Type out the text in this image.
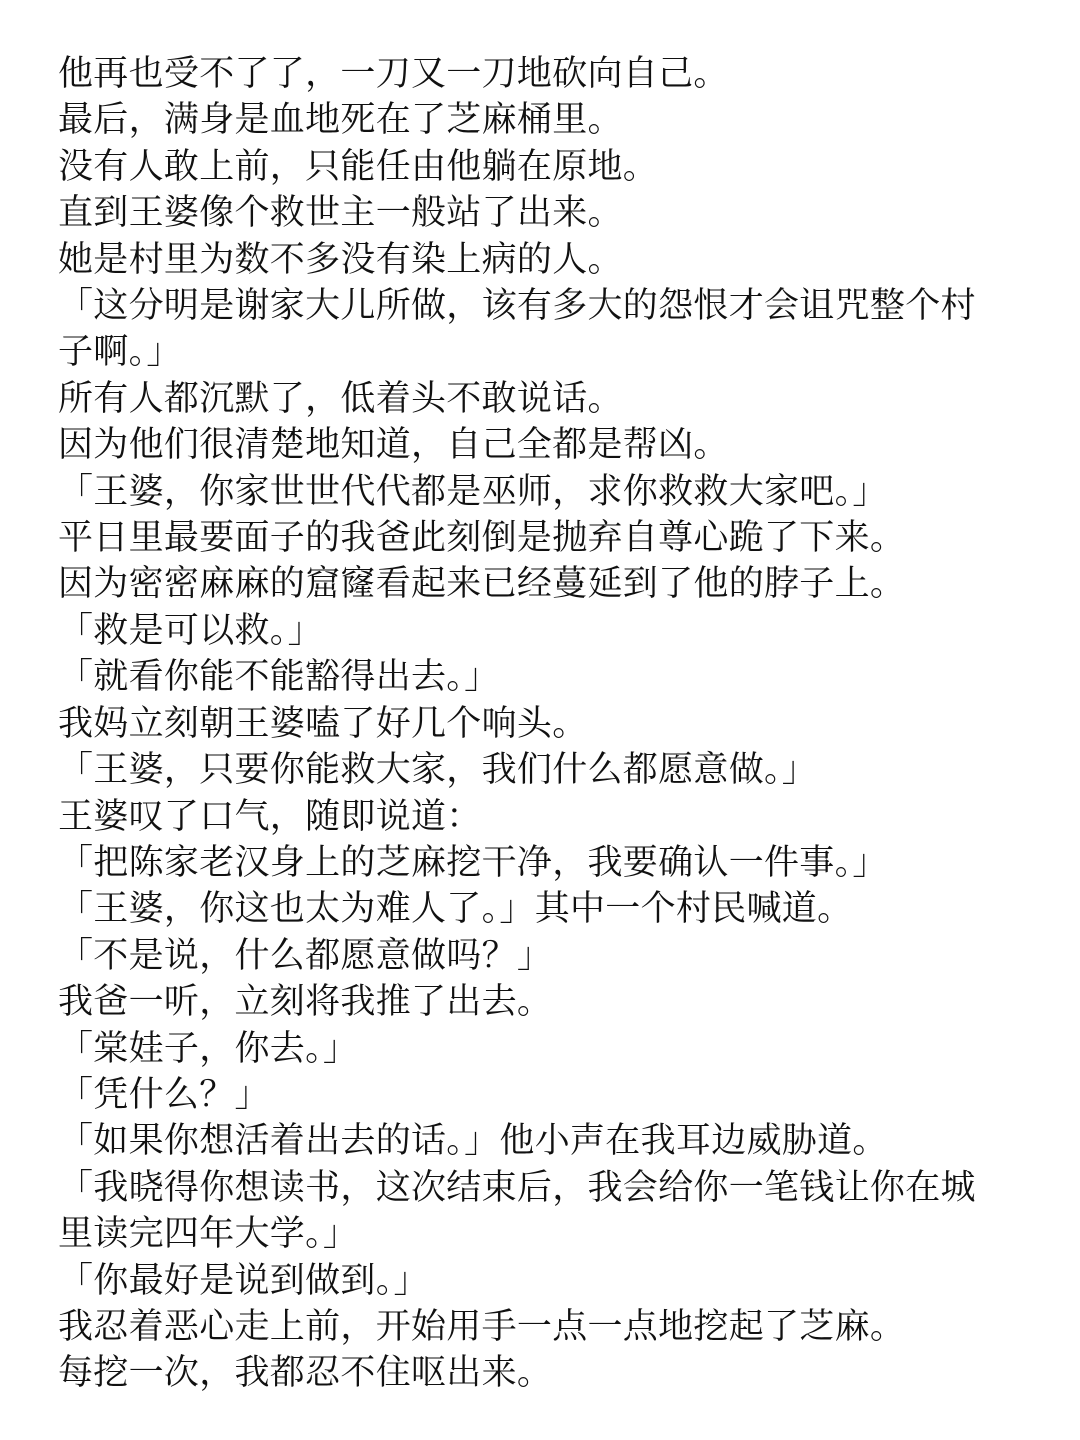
他再也受不了了，一刀又一刀地砍向自己。
最后，满身是血地死在了芝麻桶里。
没有人敢上前，只能任由他躺在原地。
直到王婆像个救世主一般站了出来。
她是村里为数不多没有染上病的人。
「这分明是谢家大儿所做，该有多大的怨恨才会诅咒整个村
子啊。」
所有人都沉默了，低着头不敢说话。
因为他们很清楚地知道，自己全都是帮凶。
「王婆，你家世世代代都是巫师，求你救救大家吧。」
平日里最要面子的我爸此刻倒是抛弃自尊心跪了下来。
因为密密麻麻的窟窿看起来已经蔓延到了他的脖子上。
「救是可以救。」
「就看你能不能豁得出去。」
我妈立刻朝王婆嗑了好几个响头。
「王婆，只要你能救大家，我们什么都愿意做。」
王婆叹了口气，随即说道：
「把陈家老汉身上的芝麻挖干净，我要确认一件事。」
「王婆，你这也太为难人了。」其中一个村民喊道。
「不是说，什么都愿意做吗？」
我爸一听，立刻将我推了出去。
「棠娃子，你去。」
「凭什么？」
「如果你想活着出去的话。」他小声在我耳边威胁道。
「我晓得你想读书，这次结束后，我会给你一笔钱让你在城
里读完四年大学。」
「你最好是说到做到。」
我忍着恶心走上前，开始用手一点一点地挖起了芝麻。
每挖一次，我都忍不住呕出来。
